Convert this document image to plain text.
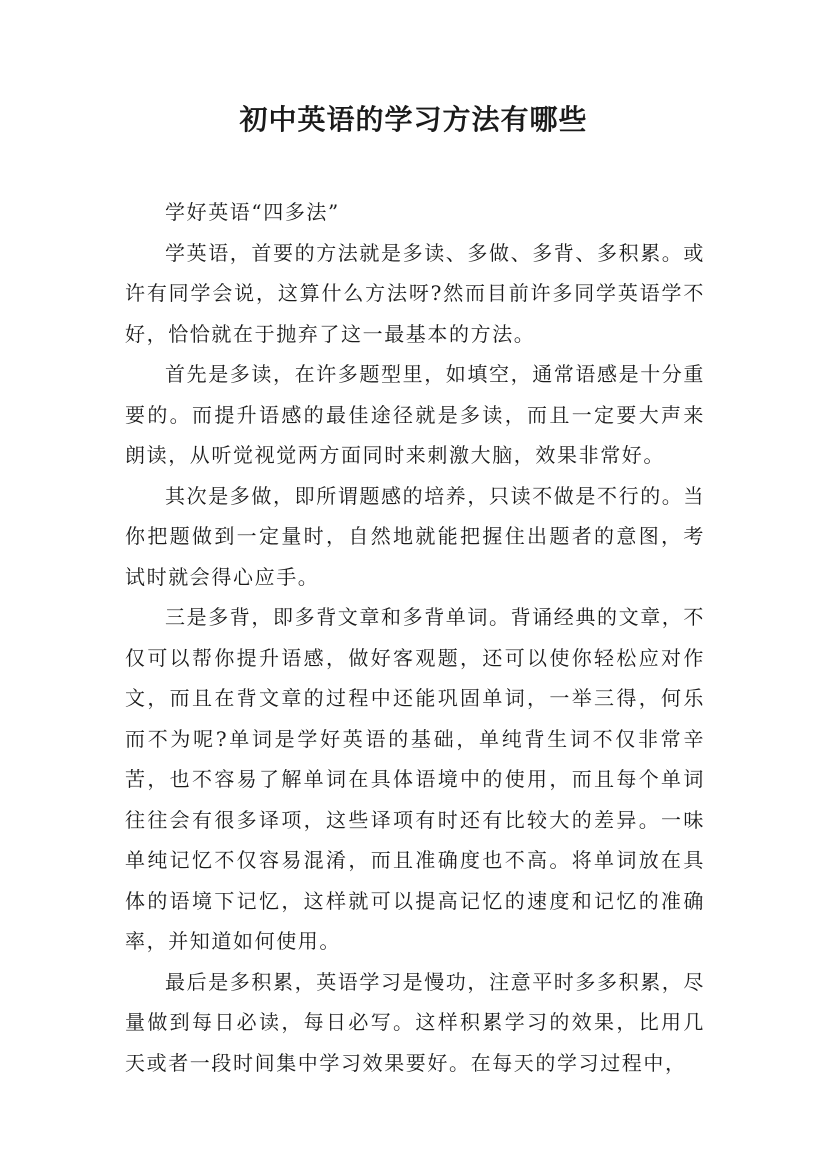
初中英语的学习方法有哪些

学好英语“四多法”

学英语，首要的方法就是多读、多做、多背、多积累。或许有同学会说，这算什么方法呀?然而目前许多同学英语学不好，恰恰就在于抛弃了这一最基本的方法。

首先是多读，在许多题型里，如填空，通常语感是十分重要的。而提升语感的最佳途径就是多读，而且一定要大声来朗读，从听觉视觉两方面同时来刺激大脑，效果非常好。

其次是多做，即所谓题感的培养，只读不做是不行的。当你把题做到一定量时，自然地就能把握住出题者的意图，考试时就会得心应手。

三是多背，即多背文章和多背单词。背诵经典的文章，不仅可以帮你提升语感，做好客观题，还可以使你轻松应对作文，而且在背文章的过程中还能巩固单词，一举三得，何乐而不为呢?单词是学好英语的基础，单纯背生词不仅非常辛苦，也不容易了解单词在具体语境中的使用，而且每个单词往往会有很多译项，这些译项有时还有比较大的差异。一味单纯记忆不仅容易混淆，而且准确度也不高。将单词放在具体的语境下记忆，这样就可以提高记忆的速度和记忆的准确率，并知道如何使用。

最后是多积累，英语学习是慢功，注意平时多多积累，尽量做到每日必读，每日必写。这样积累学习的效果，比用几天或者一段时间集中学习效果要好。在每天的学习过程中，
